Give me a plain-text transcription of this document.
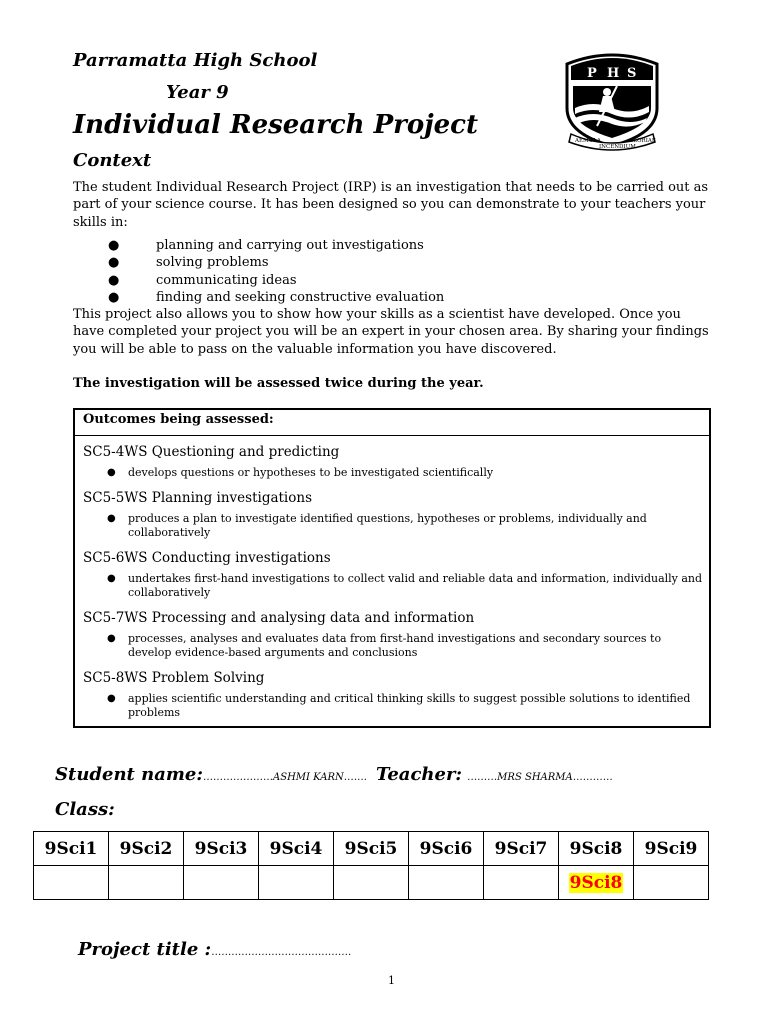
Parramatta High School
Year 9
Individual Research Project
Context
P H S
AEMULA
INCENDIUM
GLORIAE
The student Individual Research Project (IRP) is an investigation that needs to be carried out as part of your science course. It has been designed so you can demonstrate to your teachers your skills in:
●	planning and carrying out investigations
●	solving problems
●	communicating ideas
●	finding and seeking constructive evaluation
This project also allows you to show how your skills as a scientist have developed. Once you have completed your project you will be an expert in your chosen area. By sharing your findings you will be able to pass on the valuable information you have discovered.
The investigation will be assessed twice during the year.
Outcomes being assessed:
SC5-4WS Questioning and predicting
● develops questions or hypotheses to be investigated scientifically
SC5-5WS Planning investigations
● produces a plan to investigate identified questions, hypotheses or problems, individually and collaboratively
SC5-6WS Conducting investigations
● undertakes first-hand investigations to collect valid and reliable data and information, individually and collaboratively
SC5-7WS Processing and analysing data and information
● processes, analyses and evaluates data from first-hand investigations and secondary sources to develop evidence-based arguments and conclusions
SC5-8WS Problem Solving
● applies scientific understanding and critical thinking skills to suggest possible solutions to identified problems
Student name:…………………ASHMI KARN……. Teacher: ………MRS SHARMA…………
Class:
9Sci1	9Sci2	9Sci3	9Sci4	9Sci5	9Sci6	9Sci7	9Sci8	9Sci9
							9Sci8	
Project title :……………………………………
1
